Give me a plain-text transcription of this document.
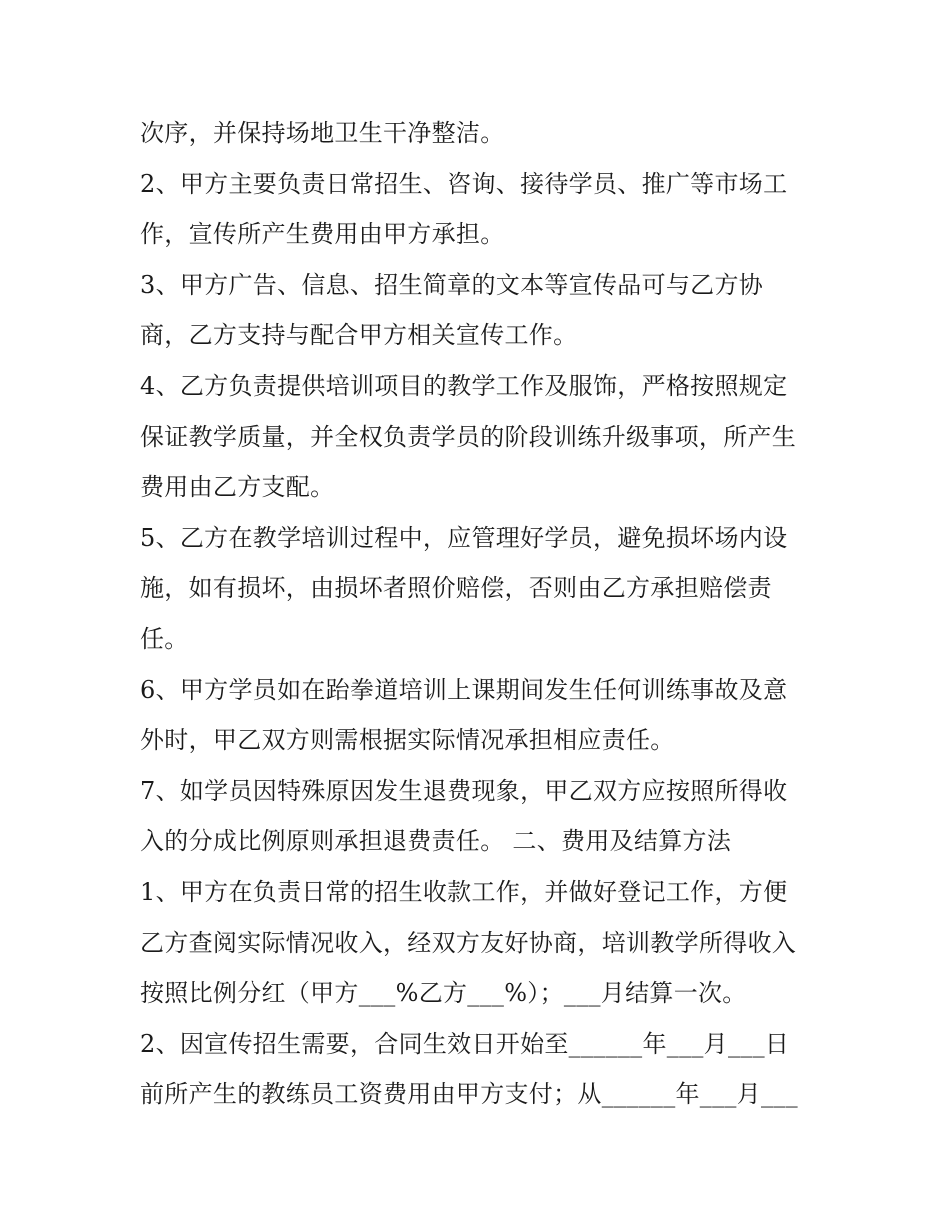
次序，并保持场地卫生干净整洁。
2、甲方主要负责日常招生、咨询、接待学员、推广等市场工
作，宣传所产生费用由甲方承担。
3、甲方广告、信息、招生简章的文本等宣传品可与乙方协
商，乙方支持与配合甲方相关宣传工作。
4、乙方负责提供培训项目的教学工作及服饰，严格按照规定
保证教学质量，并全权负责学员的阶段训练升级事项，所产生
费用由乙方支配。
5、乙方在教学培训过程中，应管理好学员，避免损坏场内设
施，如有损坏，由损坏者照价赔偿，否则由乙方承担赔偿责
任。
6、甲方学员如在跆拳道培训上课期间发生任何训练事故及意
外时，甲乙双方则需根据实际情况承担相应责任。
7、如学员因特殊原因发生退费现象，甲乙双方应按照所得收
入的分成比例原则承担退费责任。 二、费用及结算方法
1、甲方在负责日常的招生收款工作，并做好登记工作，方便
乙方查阅实际情况收入，经双方友好协商，培训教学所得收入
按照比例分红（甲方___%乙方___%）；___月结算一次。
2、因宣传招生需要，合同生效日开始至______年___月___日
前所产生的教练员工资费用由甲方支付；从______年___月___
